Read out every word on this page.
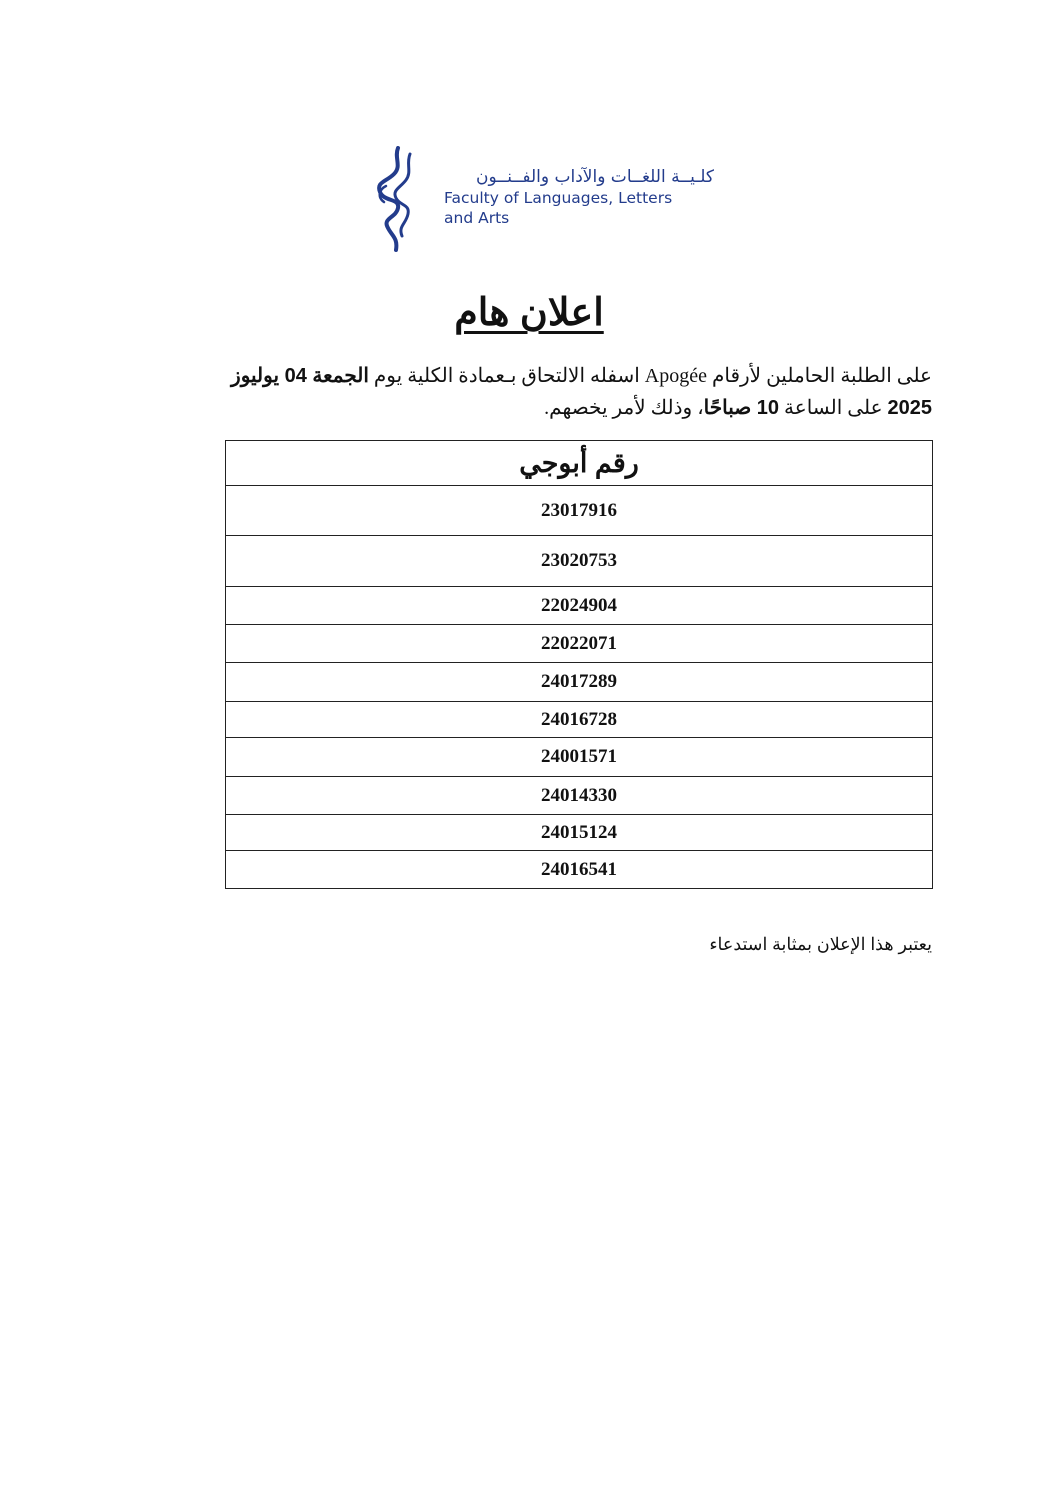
كلـيــة اللغــات والآداب والفــنــون

Faculty of Languages, Letters

and Arts

اعلان هام
على الطلبة الحاملين لأرقام Apogée اسفله الالتحاق بـعمادة الكلية يوم الجمعة 04 يوليوز
2025 على الساعة 10 صباحًا، وذلك لأمر يخصهم.
رقم أبوجي
23017916
23020753
22024904
22022071
24017289
24016728
24001571
24014330
24015124
24016541
يعتبر هذا الإعلان بمثابة استدعاء
